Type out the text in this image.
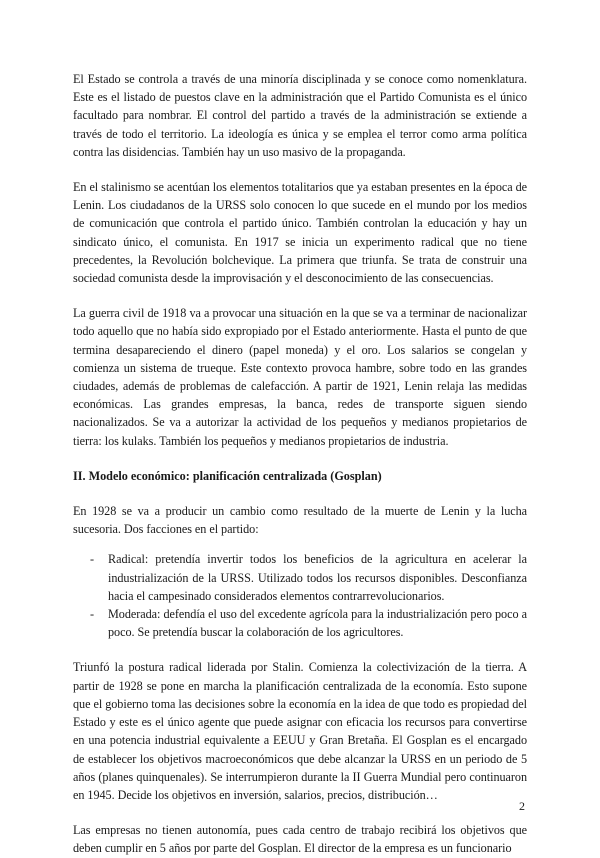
El Estado se controla a través de una minoría disciplinada y se conoce como nomenklatura. Este es el listado de puestos clave en la administración que el Partido Comunista es el único facultado para nombrar. El control del partido a través de la administración se extiende a través de todo el territorio. La ideología es única y se emplea el terror como arma política contra las disidencias. También hay un uso masivo de la propaganda.

En el stalinismo se acentúan los elementos totalitarios que ya estaban presentes en la época de Lenin. Los ciudadanos de la URSS solo conocen lo que sucede en el mundo por los medios de comunicación que controla el partido único. También controlan la educación y hay un sindicato único, el comunista. En 1917 se inicia un experimento radical que no tiene precedentes, la Revolución bolchevique. La primera que triunfa. Se trata de construir una sociedad comunista desde la improvisación y el desconocimiento de las consecuencias.

La guerra civil de 1918 va a provocar una situación en la que se va a terminar de nacionalizar todo aquello que no había sido expropiado por el Estado anteriormente. Hasta el punto de que termina desapareciendo el dinero (papel moneda) y el oro. Los salarios se congelan y comienza un sistema de trueque. Este contexto provoca hambre, sobre todo en las grandes ciudades, además de problemas de calefacción. A partir de 1921, Lenin relaja las medidas económicas. Las grandes empresas, la banca, redes de transporte siguen siendo nacionalizados. Se va a autorizar la actividad de los pequeños y medianos propietarios de tierra: los kulaks. También los pequeños y medianos propietarios de industria.

II. Modelo económico: planificación centralizada (Gosplan)

En 1928 se va a producir un cambio como resultado de la muerte de Lenin y la lucha sucesoria. Dos facciones en el partido:

- Radical: pretendía invertir todos los beneficios de la agricultura en acelerar la industrialización de la URSS. Utilizado todos los recursos disponibles. Desconfianza hacia el campesinado considerados elementos contrarrevolucionarios.
- Moderada: defendía el uso del excedente agrícola para la industrialización pero poco a poco. Se pretendía buscar la colaboración de los agricultores.

Triunfó la postura radical liderada por Stalin. Comienza la colectivización de la tierra. A partir de 1928 se pone en marcha la planificación centralizada de la economía. Esto supone que el gobierno toma las decisiones sobre la economía en la idea de que todo es propiedad del Estado y este es el único agente que puede asignar con eficacia los recursos para convertirse en una potencia industrial equivalente a EEUU y Gran Bretaña. El Gosplan es el encargado de establecer los objetivos macroeconómicos que debe alcanzar la URSS en un periodo de 5 años (planes quinquenales). Se interrumpieron durante la II Guerra Mundial pero continuaron en 1945. Decide los objetivos en inversión, salarios, precios, distribución…

Las empresas no tienen autonomía, pues cada centro de trabajo recibirá los objetivos que deben cumplir en 5 años por parte del Gosplan. El director de la empresa es un funcionario

2
